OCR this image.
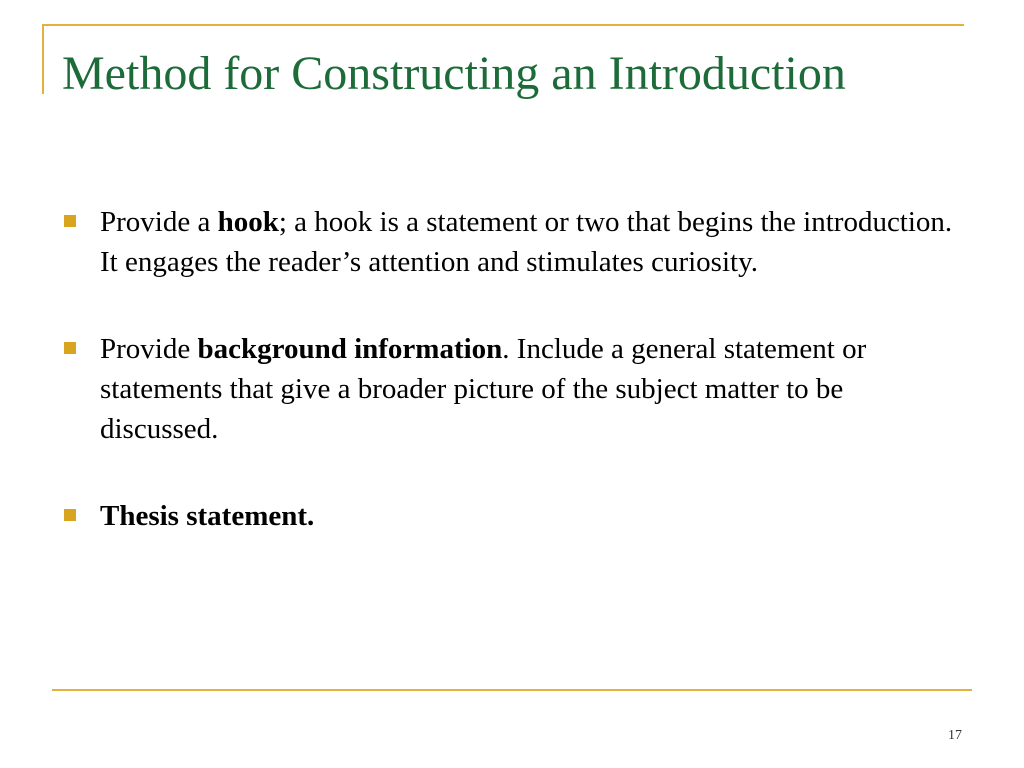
Method for Constructing an Introduction
Provide a hook; a hook is a statement or two that begins the introduction. It engages the reader’s attention and stimulates curiosity.
Provide background information. Include a general statement or statements that give a broader picture of the subject matter to be discussed.
Thesis statement.
17
